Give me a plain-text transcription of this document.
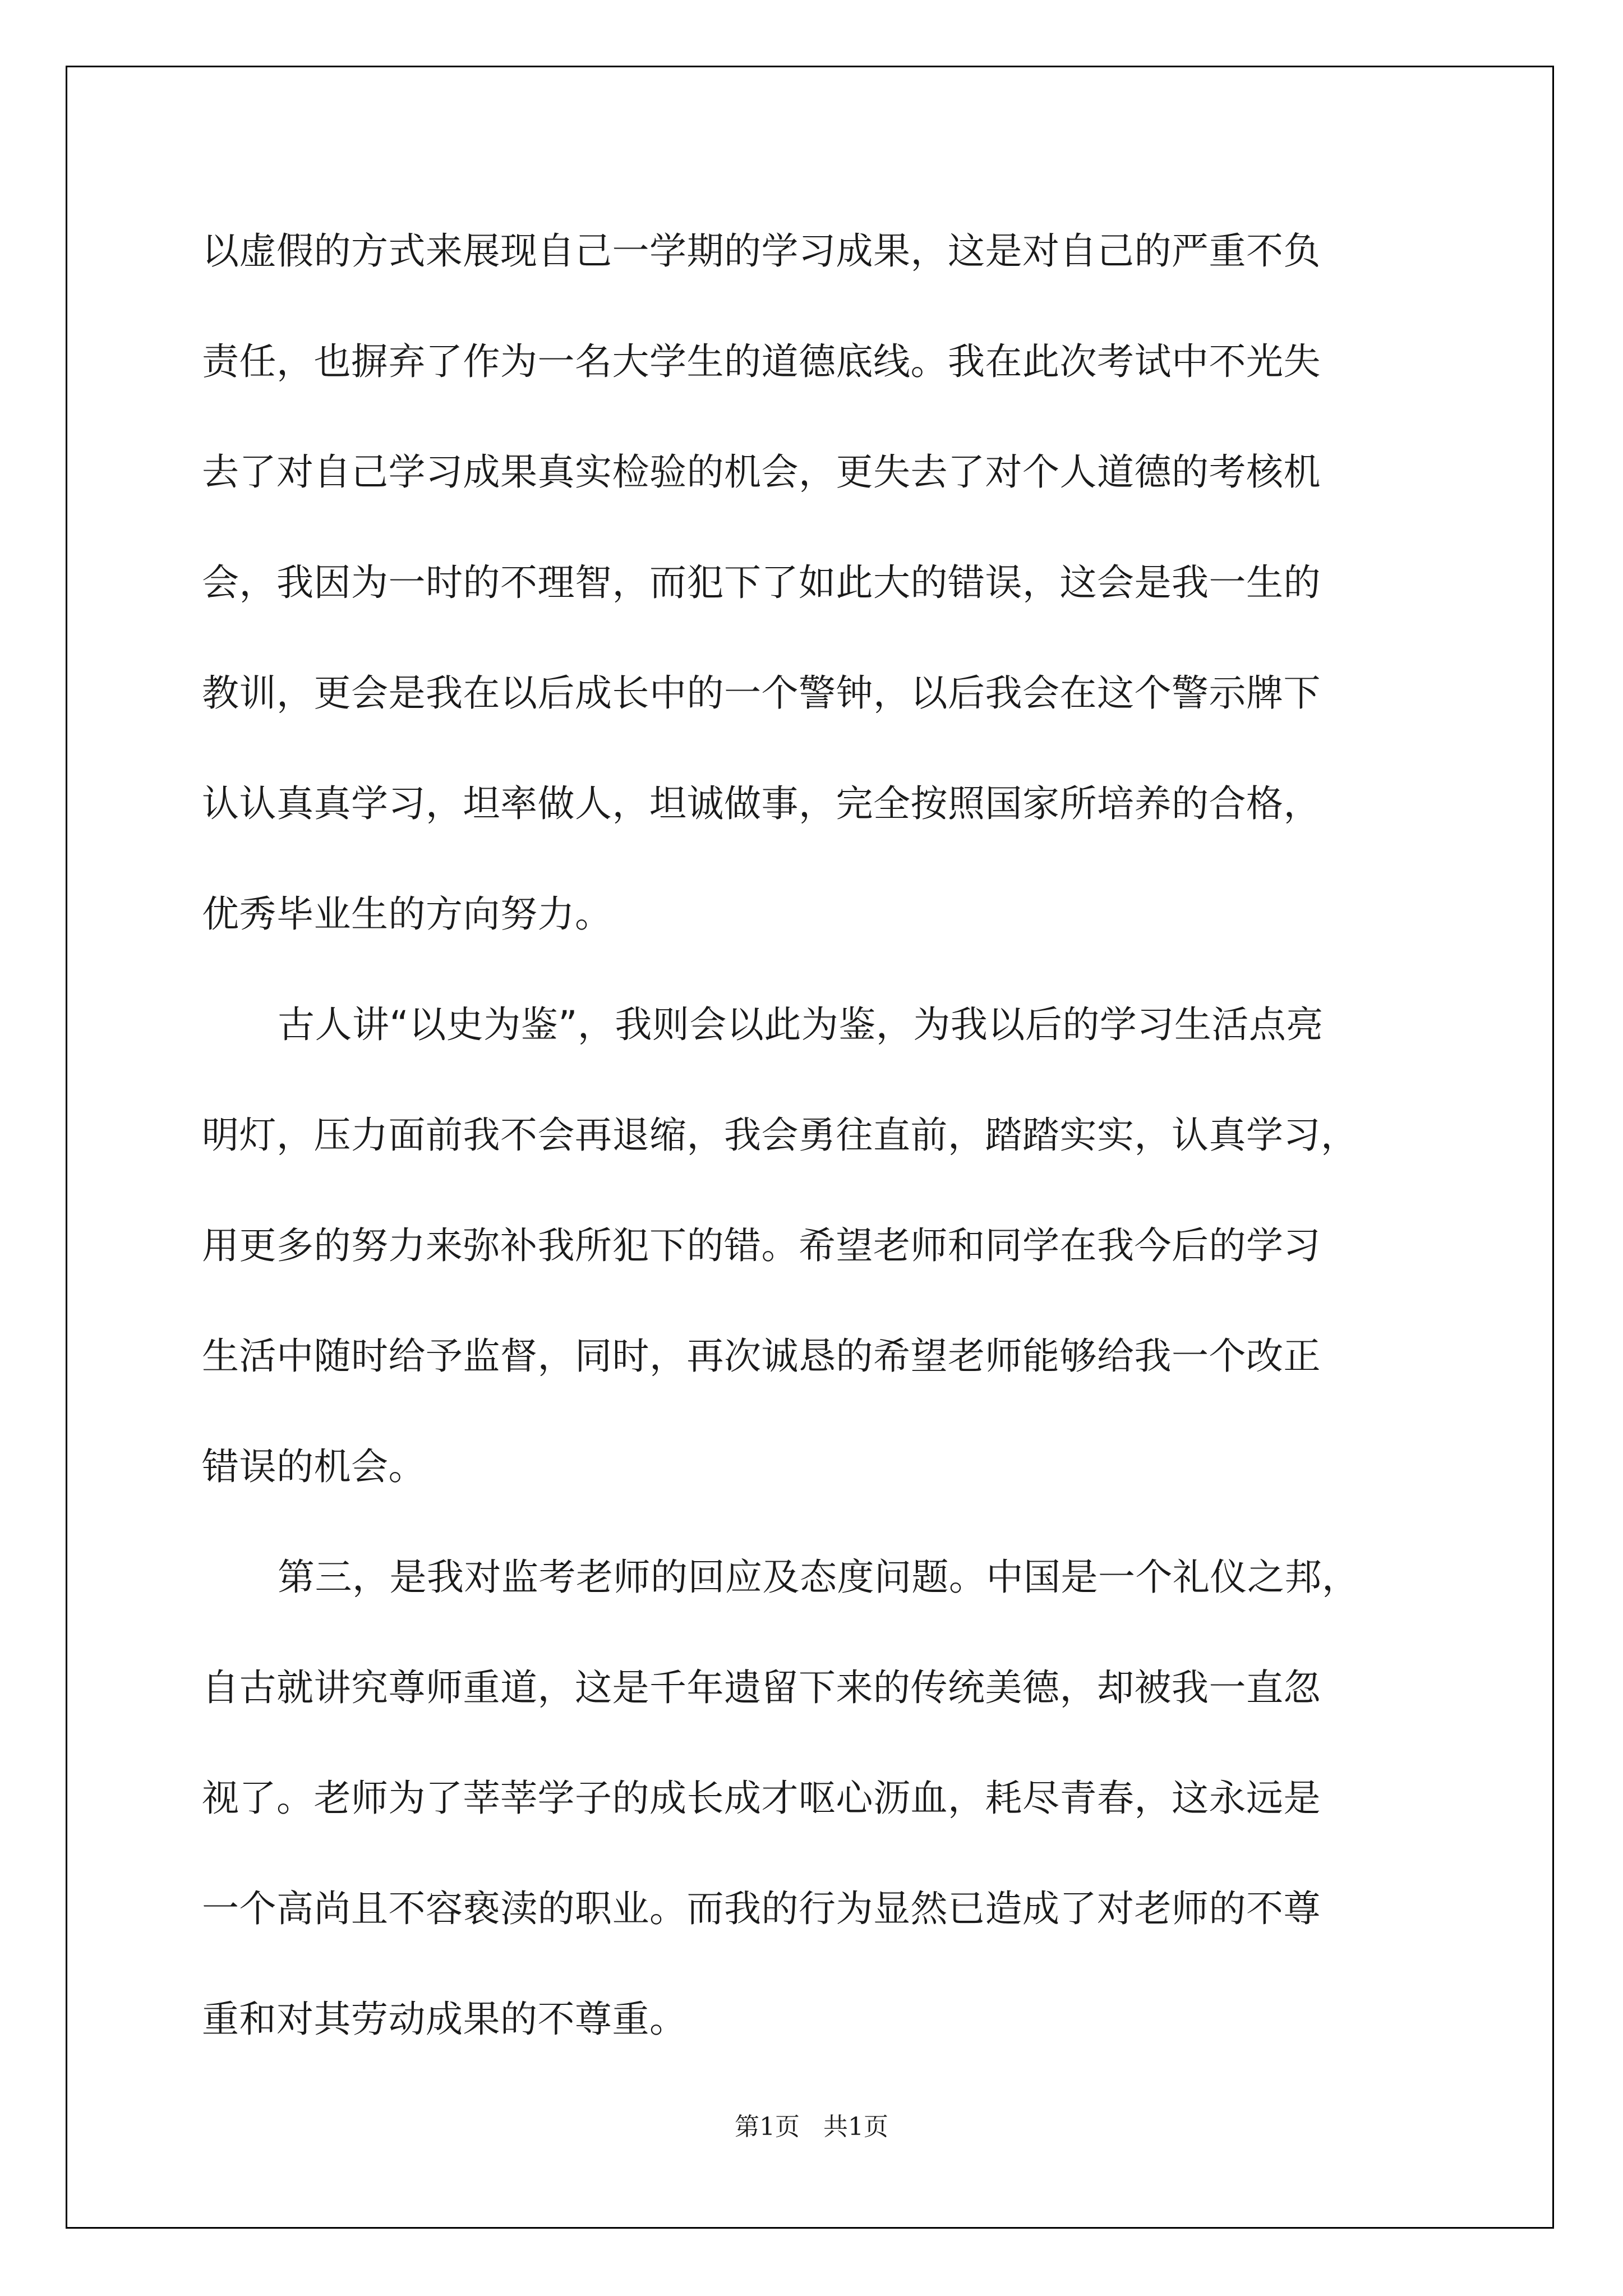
以虚假的方式来展现自己一学期的学习成果，这是对自己的严重不负

责任，也摒弃了作为一名大学生的道德底线。我在此次考试中不光失

去了对自己学习成果真实检验的机会，更失去了对个人道德的考核机

会，我因为一时的不理智，而犯下了如此大的错误，这会是我一生的

教训，更会是我在以后成长中的一个警钟，以后我会在这个警示牌下

认认真真学习，坦率做人，坦诚做事，完全按照国家所培养的合格，

优秀毕业生的方向努力。

古人讲“以史为鉴”，我则会以此为鉴，为我以后的学习生活点亮

明灯，压力面前我不会再退缩，我会勇往直前，踏踏实实，认真学习，

用更多的努力来弥补我所犯下的错。希望老师和同学在我今后的学习

生活中随时给予监督，同时，再次诚恳的希望老师能够给我一个改正

错误的机会。

第三，是我对监考老师的回应及态度问题。中国是一个礼仪之邦，

自古就讲究尊师重道，这是千年遗留下来的传统美德，却被我一直忽

视了。老师为了莘莘学子的成长成才呕心沥血，耗尽青春，这永远是

一个高尚且不容亵渎的职业。而我的行为显然已造成了对老师的不尊

重和对其劳动成果的不尊重。

第1页   共1页
